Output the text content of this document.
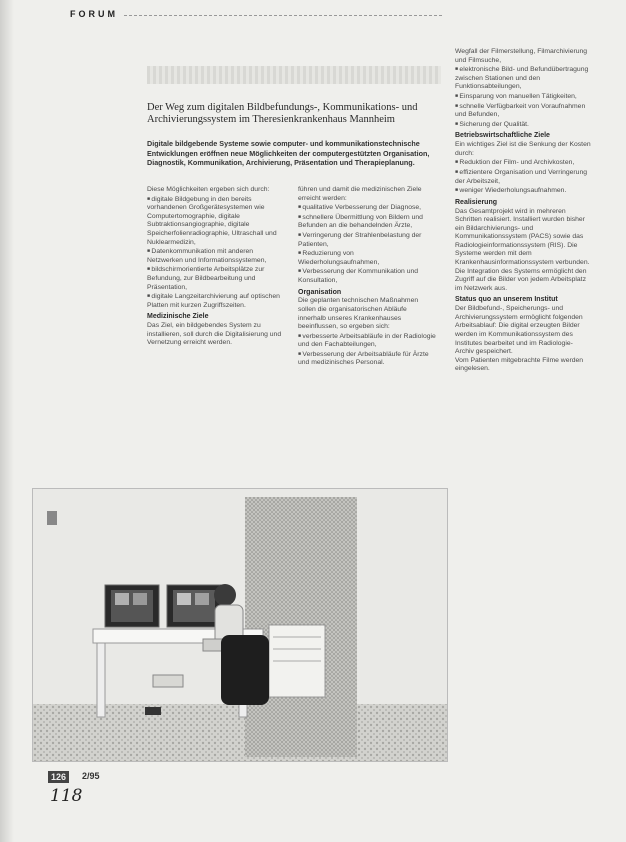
FORUM
Der Weg zum digitalen Bildbefundungs-, Kommunikations- und Archivierungssystem im Theresienkrankenhaus Mannheim
Digitale bildgebende Systeme sowie computer- und kommunikationstechnische Entwicklungen eröffnen neue Möglichkeiten der computergestützten Organisation, Diagnostik, Kommunikation, Archivierung, Präsentation und Therapieplanung.

Diese Möglichkeiten ergeben sich durch:

■ digitale Bildgebung in den bereits vorhandenen Großgerätesystemen wie Computertomographie, digitale Subtraktionsangiographie, digitale Speicherfolienradiographie, Ultraschall und Nuklearmedizin,

■ Datenkommunikation mit anderen Netzwerken und Informationssystemen,

■ bildschirmorientierte Arbeitsplätze zur Befundung, zur Bildbearbeitung und Präsentation,

■ digitale Langzeitarchivierung auf optischen Platten mit kurzen Zugriffszeiten.

Medizinische Ziele

Das Ziel, ein bildgebendes System zu installieren, soll durch die Digitalisierung und Vernetzung erreicht werden.

führen und damit die medizinischen Ziele erreicht werden:

■ qualitative Verbesserung der Diagnose,

■ schnellere Übermittlung von Bildern und Befunden an die behandelnden Ärzte,

■ Verringerung der Strahlenbelastung der Patienten,

■ Reduzierung von Wiederholungsaufnahmen,

■ Verbesserung der Kommunikation und Konsultation,

Organisation

Die geplanten technischen Maßnahmen sollen die organisatorischen Abläufe innerhalb unseres Krankenhauses beeinflussen, so ergeben sich:

■ verbesserte Arbeitsabläufe in der Radiologie und den Fachabteilungen,

■ Verbesserung der Arbeitsabläufe für Ärzte und medizinisches Personal.

Wegfall der Filmerstellung, Filmarchivierung und Filmsuche,

■ elektronische Bild- und Befundübertragung zwischen Stationen und den Funktionsabteilungen,

■ Einsparung von manuellen Tätigkeiten,

■ schnelle Verfügbarkeit von Voraufnahmen und Befunden,

■ Sicherung der Qualität.

Betriebswirtschaftliche Ziele

Ein wichtiges Ziel ist die Senkung der Kosten durch:

■ Reduktion der Film- und Archivkosten,

■ effizientere Organisation und Verringerung der Arbeitszeit,

■ weniger Wiederholungsaufnahmen.

Realisierung

Das Gesamtprojekt wird in mehreren Schritten realisiert. Installiert wurden bisher ein Bildarchivierungs- und Kommunikationssystem (PACS) sowie das Radiologieinformationssystem (RIS). Die Systeme werden mit dem Krankenhausinformationssystem verbunden. Die Integration des Systems ermöglicht den Zugriff auf die Bilder von jedem Arbeitsplatz im Netzwerk aus.

Status quo an unserem Institut

Der Bildbefund-, Speicherungs- und Archivierungssystem ermöglicht folgenden Arbeitsablauf: Die digital erzeugten Bilder werden im Kommunikationssystem des Institutes bearbeitet und im Radiologie-Archiv gespeichert.

Vom Patienten mitgebrachte Filme werden eingelesen.

126	2/95
118
